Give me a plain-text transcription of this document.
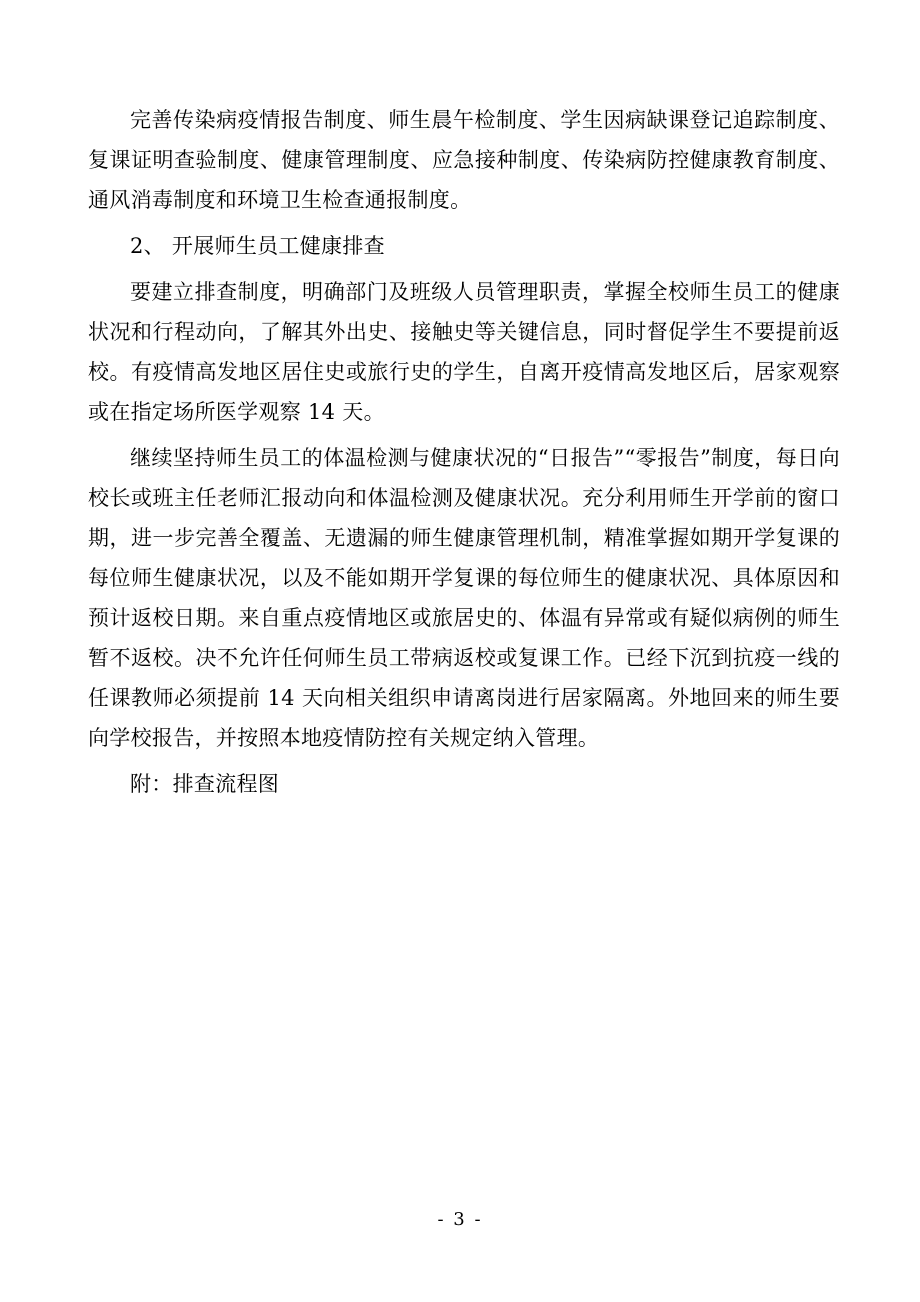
完善传染病疫情报告制度、师生晨午检制度、学生因病缺课登记追踪制度、复课证明查验制度、健康管理制度、应急接种制度、传染病防控健康教育制度、通风消毒制度和环境卫生检查通报制度。

2、 开展师生员工健康排查

要建立排查制度，明确部门及班级人员管理职责，掌握全校师生员工的健康状况和行程动向，了解其外出史、接触史等关键信息，同时督促学生不要提前返校。有疫情高发地区居住史或旅行史的学生，自离开疫情高发地区后，居家观察或在指定场所医学观察 14 天。

继续坚持师生员工的体温检测与健康状况的“日报告”“零报告”制度，每日向校长或班主任老师汇报动向和体温检测及健康状况。充分利用师生开学前的窗口期，进一步完善全覆盖、无遗漏的师生健康管理机制，精准掌握如期开学复课的每位师生健康状况，以及不能如期开学复课的每位师生的健康状况、具体原因和预计返校日期。来自重点疫情地区或旅居史的、体温有异常或有疑似病例的师生暂不返校。决不允许任何师生员工带病返校或复课工作。已经下沉到抗疫一线的任课教师必须提前 14 天向相关组织申请离岗进行居家隔离。外地回来的师生要向学校报告，并按照本地疫情防控有关规定纳入管理。

附：排查流程图

- 3 -
